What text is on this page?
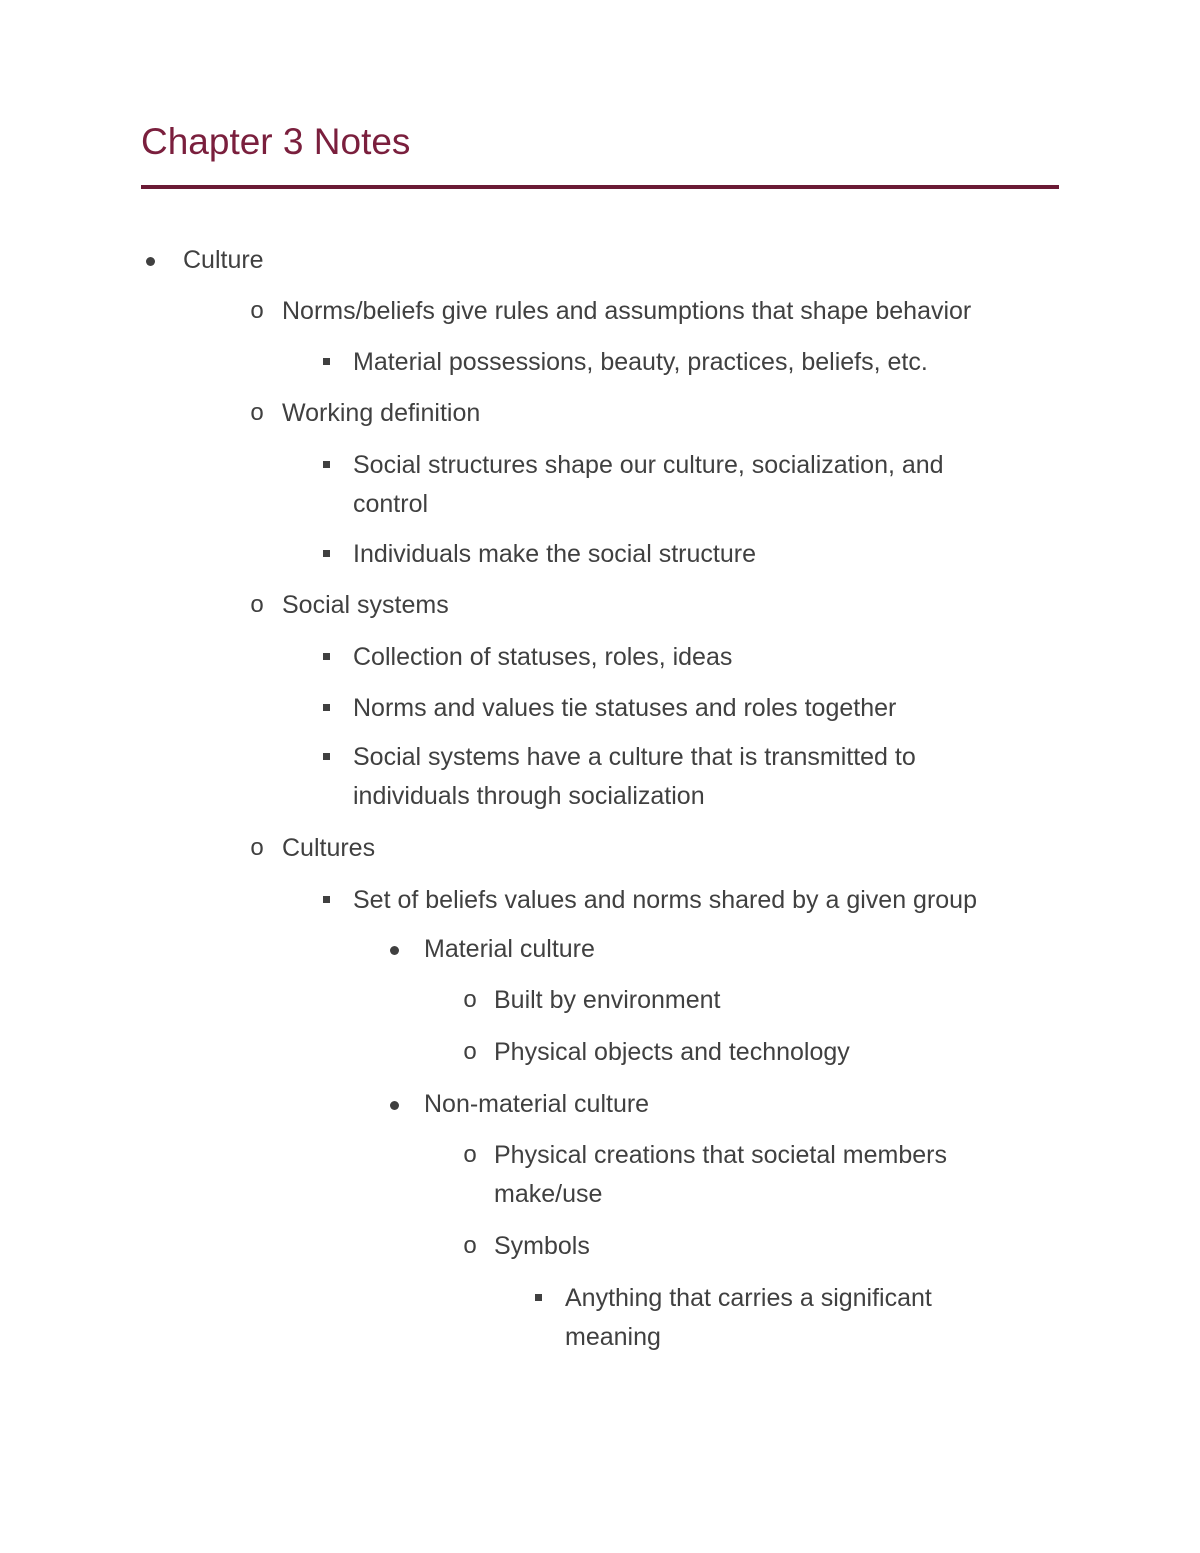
Chapter 3 Notes
Culture
o Norms/beliefs give rules and assumptions that shape behavior
Material possessions, beauty, practices, beliefs, etc.
o Working definition
Social structures shape our culture, socialization, and control
Individuals make the social structure
o Social systems
Collection of statuses, roles, ideas
Norms and values tie statuses and roles together
Social systems have a culture that is transmitted to individuals through socialization
o Cultures
Set of beliefs values and norms shared by a given group
Material culture
o Built by environment
o Physical objects and technology
Non-material culture
o Physical creations that societal members make/use
o Symbols
Anything that carries a significant meaning
